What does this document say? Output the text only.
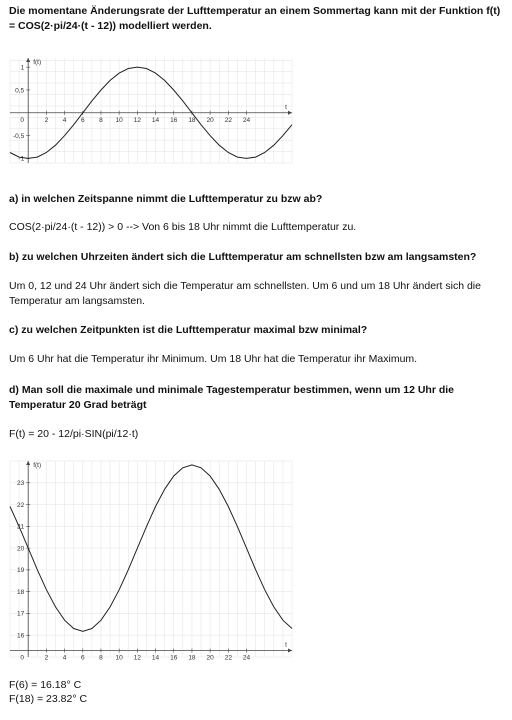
Die momentane Änderungsrate der Lufttemperatur an einem Sommertag kann mit der Funktion f(t) = COS(2·pi/24·(t - 12)) modelliert werden.
2 4 6 8 10 12 14 16 18 20 22 24
0
1
0,5
-0,5
-1
f(t)
t
a) in welchen Zeitspanne nimmt die Lufttemperatur zu bzw ab?
COS(2·pi/24·(t - 12)) > 0 --> Von 6 bis 18 Uhr nimmt die Lufttemperatur zu.
b) zu welchen Uhrzeiten ändert sich die Lufttemperatur am schnellsten bzw am langsamsten?
Um 0, 12 und 24 Uhr ändert sich die Temperatur am schnellsten. Um 6 und um 18 Uhr ändert sich die Temperatur am langsamsten.
c) zu welchen Zeitpunkten ist die Lufttemperatur maximal bzw minimal?
Um 6 Uhr hat die Temperatur ihr Minimum. Um 18 Uhr hat die Temperatur ihr Maximum.
d) Man soll die maximale und minimale Tagestemperatur bestimmen, wenn um 12 Uhr die Temperatur 20 Grad beträgt
F(t) = 20 - 12/pi·SIN(pi/12·t)
2 4 6 8 10 12 14 16 18 20 22 24
0
23
22
21
20
19
18
17
16
f(t)
t
F(6) = 16.18° C
F(18) = 23.82° C
